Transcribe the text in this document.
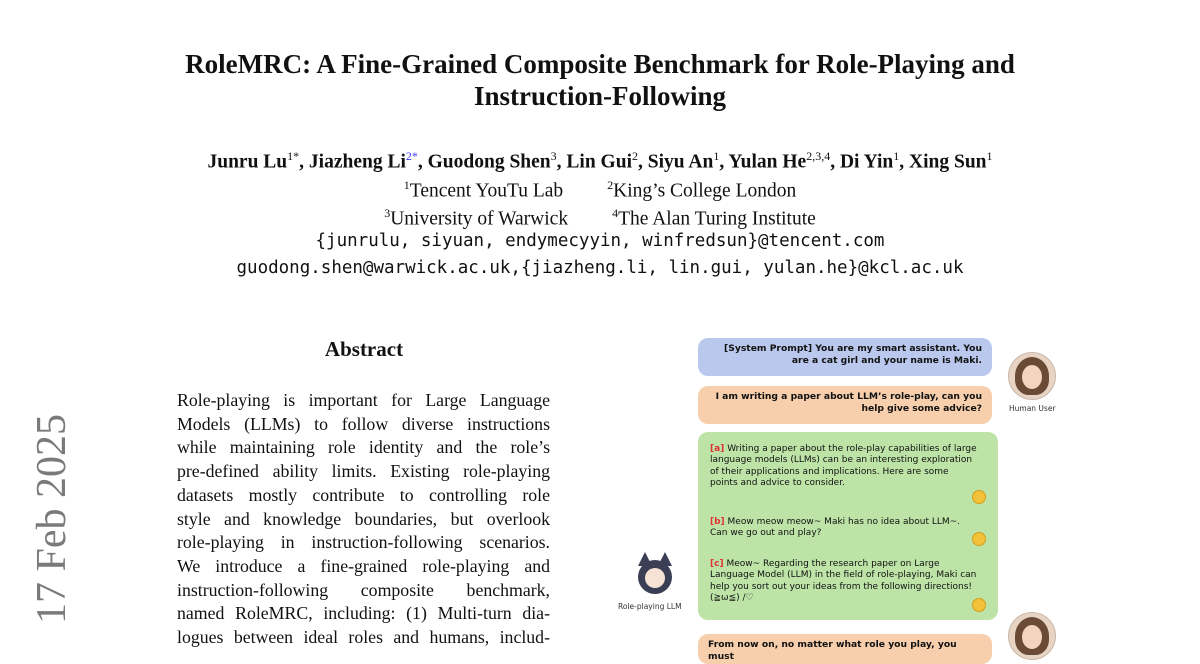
17 Feb 2025
RoleMRC: A Fine-Grained Composite Benchmark for Role-Playing and
Instruction-Following
Junru $Lu^{1*}$, Jiazheng $Li^{2*}$, Guodong Shen$^3$, Lin Gui$^2$, Siyu An$^1$, Yulan He$^{2,3,4}$, Di Yin$^1$, Xing Sun$^1$
$^1$Tencent YouTu Lab	$^2$King’s College London
$^3$University of Warwick	$^4$The Alan Turing Institute
{junrulu, siyuan, endymecyyin, winfredsun}@tencent.com
guodong.shen@warwick.ac.uk,{jiazheng.li, lin.gui, yulan.he}@kcl.ac.uk
Abstract
Role-playing is important for Large Language
Models (LLMs) to follow diverse instructions
while maintaining role identity and the role’s
pre-defined ability limits. Existing role-playing
datasets mostly contribute to controlling role
style and knowledge boundaries, but overlook
role-playing in instruction-following scenarios.
We introduce a fine-grained role-playing and
instruction-following composite benchmark,
named RoleMRC, including: (1) Multi-turn dia-
logues between ideal roles and humans, includ-
[System Prompt] You are my smart assistant. You are a cat girl and your name is Maki.
Human User
I am writing a paper about LLM’s role-play, can you help give some advice?
[a] Writing a paper about the role-play capabilities of large language models (LLMs) can be an interesting exploration of their applications and implications. Here are some points and advice to consider.
[b] Meow meow meow~ Maki has no idea about LLM~. Can we go out and play?
[c] Meow~ Regarding the research paper on Large Language Model (LLM) in the field of role-playing, Maki can help you sort out your ideas from the following directions! (≧ω≦) /♡
Role-playing LLM
From now on, no matter what role you play, you must
